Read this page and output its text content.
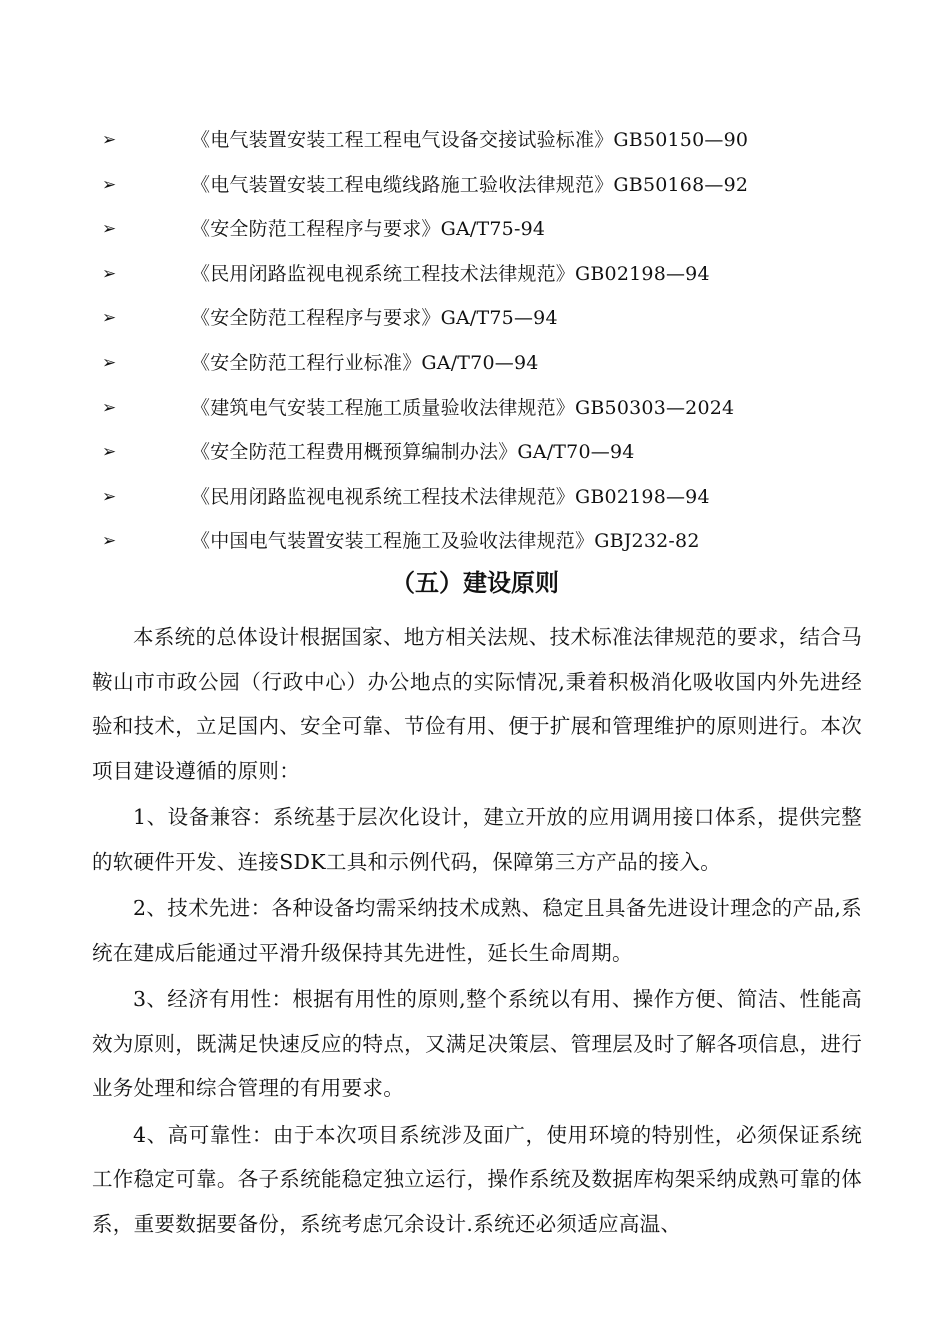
➢	《电气装置安装工程工程电气设备交接试验标准》GB50150—90
➢	《电气装置安装工程电缆线路施工验收法律规范》GB50168—92
➢	《安全防范工程程序与要求》GA/T75-94
➢	《民用闭路监视电视系统工程技术法律规范》GB02198—94
➢	《安全防范工程程序与要求》GA/T75—94
➢	《安全防范工程行业标准》GA/T70—94
➢	《建筑电气安装工程施工质量验收法律规范》GB50303—2024
➢	《安全防范工程费用概预算编制办法》GA/T70—94
➢	《民用闭路监视电视系统工程技术法律规范》GB02198—94
➢	《中国电气装置安装工程施工及验收法律规范》GBJ232-82
（五）建设原则

本系统的总体设计根据国家、地方相关法规、技术标准法律规范的要求，结合马鞍山市市政公园（行政中心）办公地点的实际情况,秉着积极消化吸收国内外先进经验和技术，立足国内、安全可靠、节俭有用、便于扩展和管理维护的原则进行。本次项目建设遵循的原则：

1、设备兼容：系统基于层次化设计，建立开放的应用调用接口体系，提供完整的软硬件开发、连接SDK工具和示例代码，保障第三方产品的接入。

2、技术先进：各种设备均需采纳技术成熟、稳定且具备先进设计理念的产品,系统在建成后能通过平滑升级保持其先进性，延长生命周期。

3、经济有用性：根据有用性的原则,整个系统以有用、操作方便、简洁、性能高效为原则，既满足快速反应的特点，又满足决策层、管理层及时了解各项信息，进行业务处理和综合管理的有用要求。

4、高可靠性：由于本次项目系统涉及面广，使用环境的特别性，必须保证系统工作稳定可靠。各子系统能稳定独立运行，操作系统及数据库构架采纳成熟可靠的体系，重要数据要备份，系统考虑冗余设计.系统还必须适应高温、
